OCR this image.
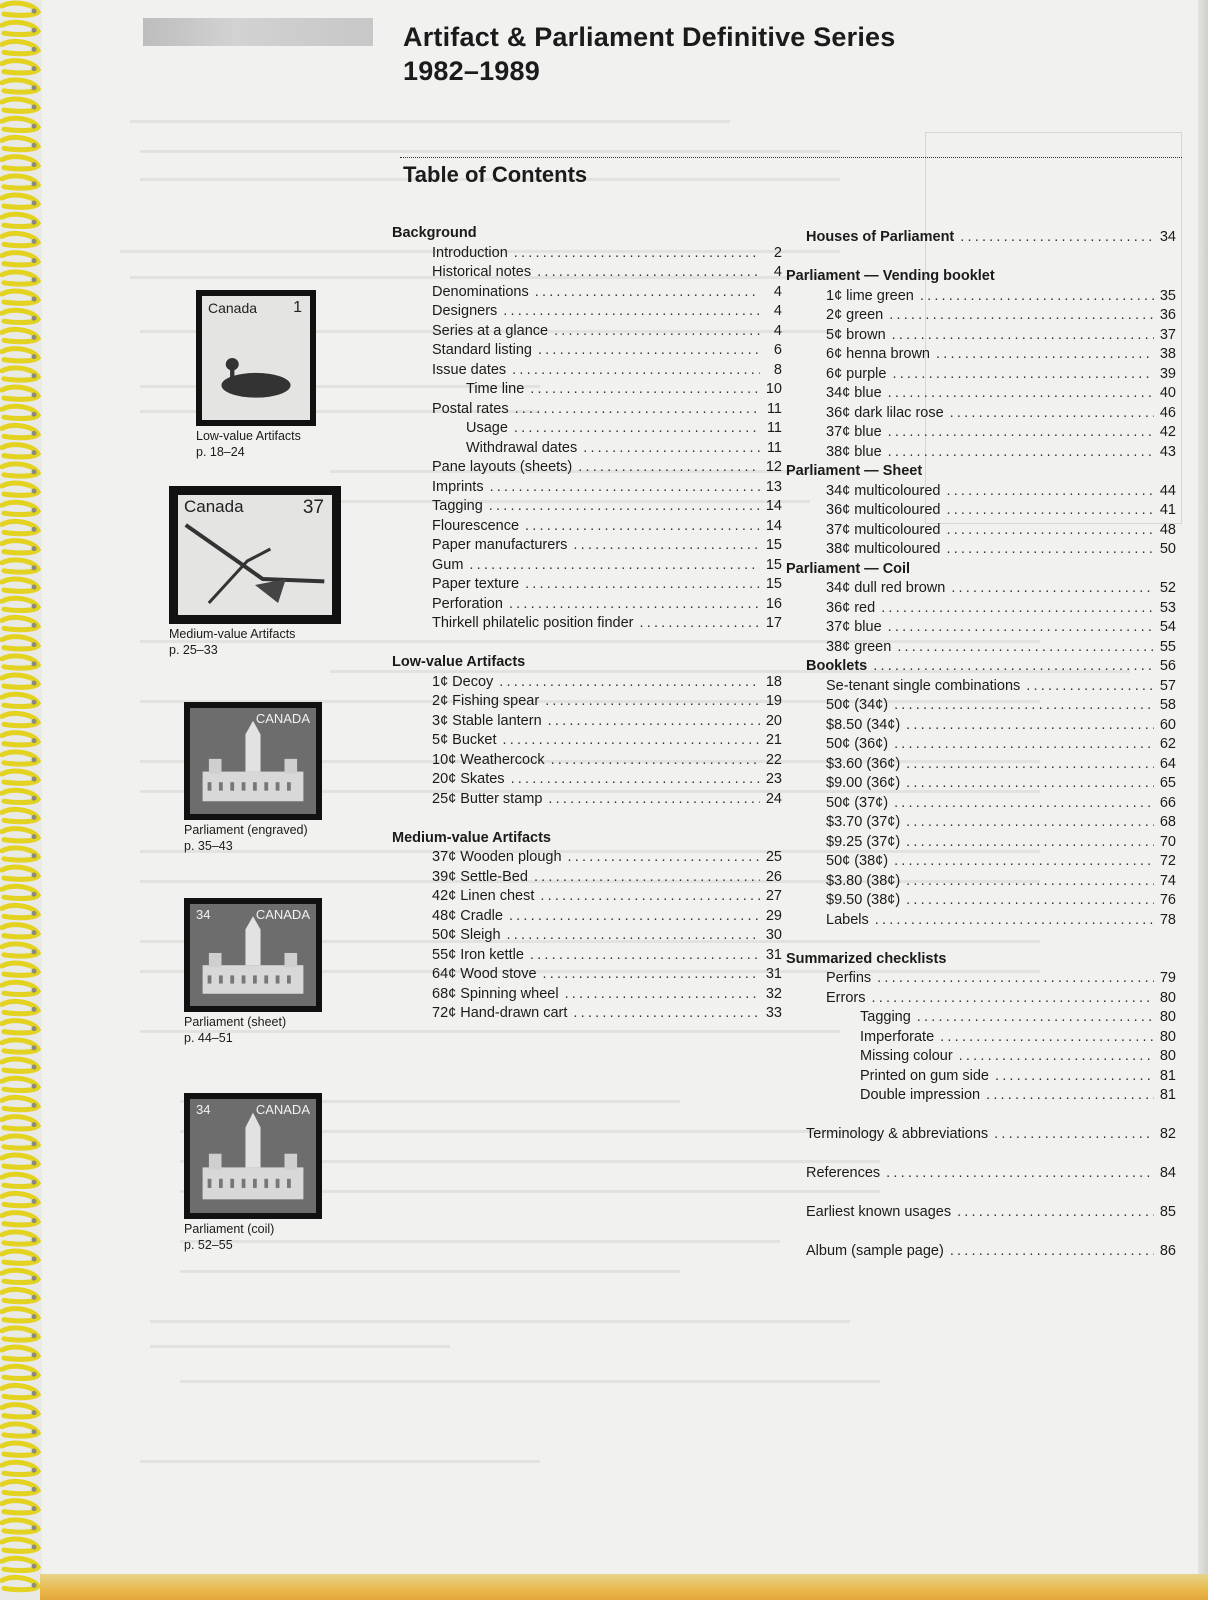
Artifact & Parliament Definitive Series
1982–1989
Table of Contents
Background
Introduction .....	2
Historical notes .....	4
Denominations .....	4
Designers .....	4
Series at a glance .....	4
Standard listing .....	6
Issue dates .....	8
Time line .....	10
Postal rates .....	11
Usage .....	11
Withdrawal dates .....	11
Pane layouts (sheets) .....	12
Imprints .....	13
Tagging .....	14
Flourescence .....	14
Paper manufacturers .....	15
Gum .....	15
Paper texture .....	15
Perforation .....	16
Thirkell philatelic position finder .....	17
Low-value Artifacts
1¢ Decoy .....	18
2¢ Fishing spear .....	19
3¢ Stable lantern .....	20
5¢ Bucket .....	21
10¢ Weathercock .....	22
20¢ Skates .....	23
25¢ Butter stamp .....	24
Medium-value Artifacts
37¢ Wooden plough .....	25
39¢ Settle-Bed .....	26
42¢ Linen chest .....	27
48¢ Cradle .....	29
50¢ Sleigh .....	30
55¢ Iron kettle .....	31
64¢ Wood stove .....	31
68¢ Spinning wheel .....	32
72¢ Hand-drawn cart .....	33
Houses of Parliament .....	34
Parliament — Vending booklet
1¢ lime green .....	35
2¢ green .....	36
5¢ brown .....	37
6¢ henna brown .....	38
6¢ purple .....	39
34¢ blue .....	40
36¢ dark lilac rose .....	46
37¢ blue .....	42
38¢ blue .....	43
Parliament — Sheet
34¢ multicoloured .....	44
36¢ multicoloured .....	41
37¢ multicoloured .....	48
38¢ multicoloured .....	50
Parliament — Coil
34¢ dull red brown .....	52
36¢ red .....	53
37¢ blue .....	54
38¢ green .....	55
Booklets .....	56
Se-tenant single combinations .....	57
50¢ (34¢) .....	58
$8.50 (34¢) .....	60
50¢ (36¢) .....	62
$3.60 (36¢) .....	64
$9.00 (36¢) .....	65
50¢ (37¢) .....	66
$3.70 (37¢) .....	68
$9.25 (37¢) .....	70
50¢ (38¢) .....	72
$3.80 (38¢) .....	74
$9.50 (38¢) .....	76
Labels .....	78
Summarized checklists
Perfins .....	79
Errors .....	80
Tagging .....	80
Imperforate .....	80
Missing colour .....	80
Printed on gum side .....	81
Double impression .....	81
Terminology & abbreviations .....	82
References .....	84
Earliest known usages .....	85
Album (sample page) .....	86
Canada 1
Low-value Artifacts
p. 18–24
Canada	37
Medium-value Artifacts
p. 25–33
CANADA
Parliament (engraved)
p. 35–43
CANADA
34
Parliament (sheet)
p. 44–51
CANADA
34
Parliament (coil)
p. 52–55
